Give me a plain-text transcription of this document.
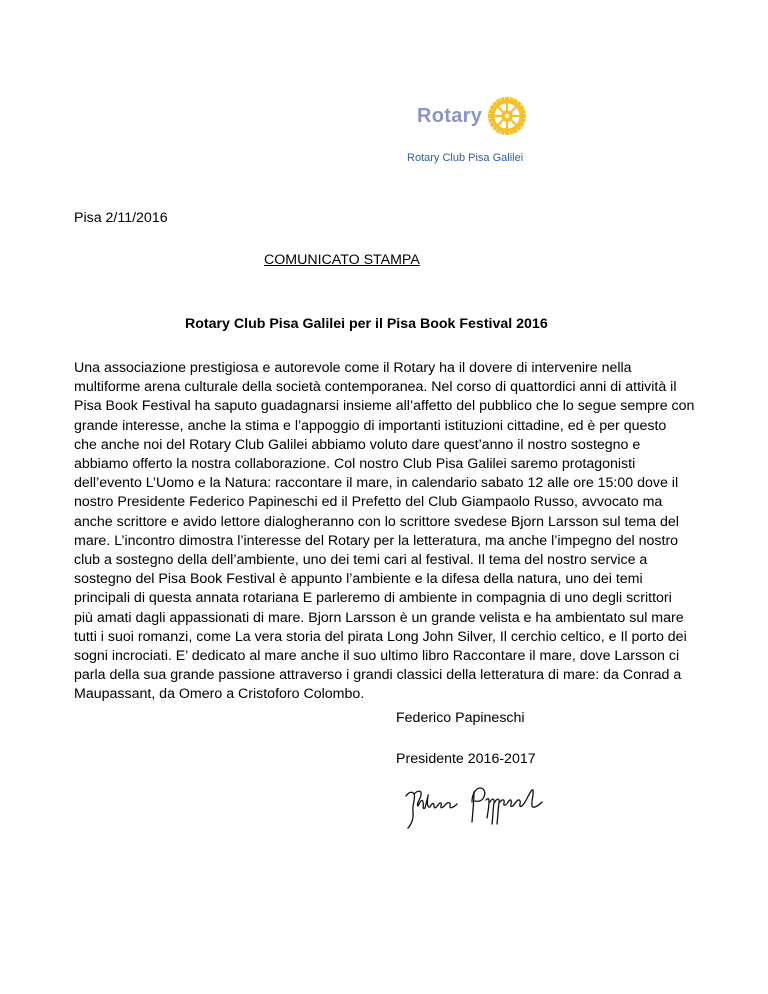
Rotary
Rotary Club Pisa Galilei
Pisa 2/11/2016
COMUNICATO STAMPA
Rotary Club Pisa Galilei per il Pisa Book Festival 2016
Una associazione prestigiosa e autorevole come il Rotary ha il dovere di intervenire nella
multiforme arena culturale della società contemporanea. Nel corso di quattordici anni di attività il
Pisa Book Festival ha saputo guadagnarsi insieme all’affetto del pubblico che lo segue sempre con
grande interesse, anche la stima e l’appoggio di importanti istituzioni cittadine, ed è per questo
che anche noi del Rotary Club Galilei abbiamo voluto dare quest’anno il nostro sostegno e
abbiamo offerto la nostra collaborazione. Col nostro Club Pisa Galilei saremo protagonisti
dell’evento L’Uomo e la Natura: raccontare il mare, in calendario sabato 12 alle ore 15:00 dove il
nostro Presidente Federico Papineschi ed il Prefetto del Club Giampaolo Russo, avvocato ma
anche scrittore e avido lettore dialogheranno con lo scrittore svedese Bjorn Larsson sul tema del
mare. L’incontro dimostra l’interesse del Rotary per la letteratura, ma anche l’impegno del nostro
club a sostegno della dell’ambiente, uno dei temi cari al festival. Il tema del nostro service a
sostegno del Pisa Book Festival è appunto l’ambiente e la difesa della natura, uno dei temi
principali di questa annata rotariana E parleremo di ambiente in compagnia di uno degli scrittori
più amati dagli appassionati di mare. Bjorn Larsson è un grande velista e ha ambientato sul mare
tutti i suoi romanzi, come La vera storia del pirata Long John Silver, Il cerchio celtico, e Il porto dei
sogni incrociati. E’ dedicato al mare anche il suo ultimo libro Raccontare il mare, dove Larsson ci
parla della sua grande passione attraverso i grandi classici della letteratura di mare: da Conrad a
Maupassant, da Omero a Cristoforo Colombo.
Federico Papineschi
Presidente 2016-2017
